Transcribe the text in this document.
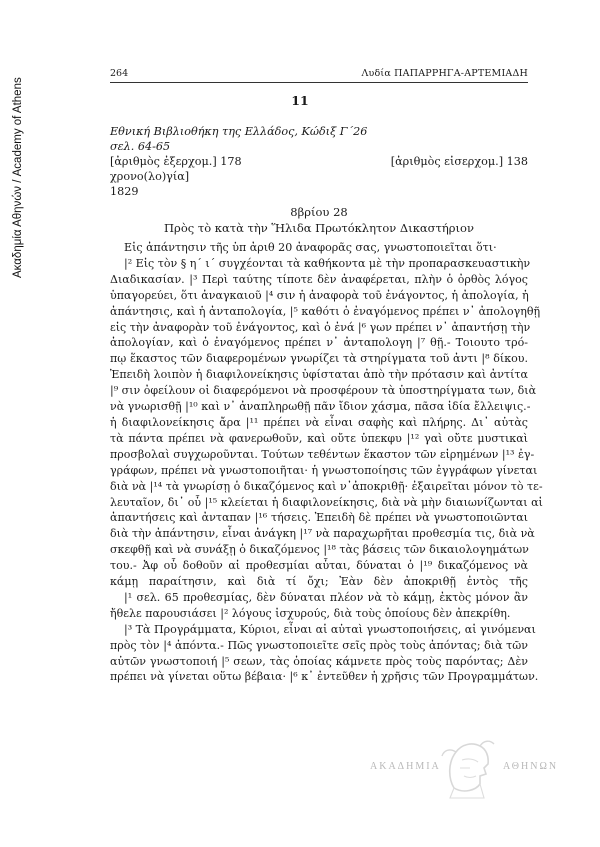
Ακαδημία Αθηνών / Academy of Athens
264	Λυδία ΠΑΠΑΡΡΗΓΑ-ΑΡΤΕΜΙΑΔΗ
11
Εθνική Βιβλιοθήκη της Ελλάδος, Κώδιξ Γ΄26
σελ. 64-65
[ἀριθμὸς ἐξερχομ.] 178	[ἀριθμὸς εἰσερχομ.] 138
χρονο(λο)γία]
1829
8βρίου 28
Πρὸς τὸ κατὰ τὴν Ἥλιδα Πρωτόκλητον Δικαστήριον
Εἰς ἀπάντησιν τῆς ὑπ ἀριθ 20 ἀναφορᾶς σας, γνωστοποιεῖται ὅτι·
|² Εἰς τὸν § η΄ ι΄ συγχέονται τὰ καθήκοντα μὲ τὴν προπαρασκευαστικὴν
Διαδικασίαν. |³ Περὶ ταύτης τίποτε δὲν ἀναφέρεται, πλὴν ὁ ὀρθὸς λόγος
ὑπαγορεύει, ὅτι ἀναγκαιοῦ |⁴ σιν ἡ ἀναφορὰ τοῦ ἐνάγοντος, ἡ ἀπολογία, ἡ
ἀπάντησις, καὶ ἡ ἀνταπολογία, |⁵ καθότι ὁ ἐναγόμενος πρέπει ν᾽ ἀπολογηθῇ
εἰς τὴν ἀναφορὰν τοῦ ἐνάγοντος, καὶ ὁ ἐνά |⁶ γων πρέπει ν᾽ ἀπαντήσῃ τὴν
ἀπολογίαν, καὶ ὁ ἐναγόμενος πρέπει ν᾽ ἀνταπολογη |⁷ θῇ.- Τοιουτο τρό-
πῳ ἕκαστος τῶν διαφερομένων γνωρίζει τὰ στηρίγματα τοῦ ἀντι |⁸ δίκου.
Ἐπειδὴ λοιπὸν ἡ διαφιλονείκησις ὑφίσταται ἀπὸ τὴν πρότασιν καὶ ἀντίτα
|⁹ σιν ὀφείλουν οἱ διαφερόμενοι νὰ προσφέρουν τὰ ὑποστηρίγματα των, διὰ
νὰ γνωρισθῇ |¹⁰ καὶ ν᾽ ἀναπληρωθῇ πᾶν ἴδιον χάσμα, πᾶσα ἰδία ἔλλειψις.-
ἡ διαφιλονείκησις ἄρα |¹¹ πρέπει νὰ εἶναι σαφὴς καὶ πλήρης. Δι᾽ αὐτὰς
τὰ πάντα πρέπει νὰ φανερωθοῦν, καὶ οὔτε ὑπεκφυ |¹² γαὶ οὔτε μυστικαὶ
προσβολαὶ συγχωροῦνται. Τούτων τεθέντων ἕκαστον τῶν εἰρημένων |¹³ ἐγ-
γράφων, πρέπει νὰ γνωστοποιῆται· ἡ γνωστοποίησις τῶν ἐγγράφων γίνεται
διὰ νὰ |¹⁴ τὰ γνωρίσῃ ὁ δικαζόμενος καὶ ν᾽ἀποκριθῇ· ἐξαιρεῖται μόνον τὸ τε-
λευταῖον, δι᾽ οὗ |¹⁵ κλείεται ἡ διαφιλονείκησις, διὰ νὰ μὴν διαιωνίζωνται αἱ
ἀπαντήσεις καὶ ἀνταπαν |¹⁶ τήσεις. Ἐπειδὴ δὲ πρέπει νὰ γνωστοποιῶνται
διὰ τὴν ἀπάντησιν, εἶναι ἀνάγκη |¹⁷ νὰ παραχωρῆται προθεσμία τις, διὰ νὰ
σκεφθῇ καὶ νὰ συνάξῃ ὁ δικαζόμενος |¹⁸ τὰς βάσεις τῶν δικαιολογημάτων
του.- Ἀφ οὗ δοθοῦν αἱ προθεσμίαι αὗται, δύναται ὁ |¹⁹ δικαζόμενος νὰ
κάμῃ παραίτησιν, καὶ διὰ τί ὄχι; Ἐὰν δὲν ἀποκριθῇ ἐντὸς τῆς
|¹ σελ. 65 προθεσμίας, δὲν δύναται πλέον νὰ τὸ κάμῃ, ἐκτὸς μόνον ἂν
ἤθελε παρουσιάσει |² λόγους ἰσχυρούς, διὰ τοὺς ὁποίους δὲν ἀπεκρίθη.
|³ Τὰ Προγράμματα, Κύριοι, εἶναι αἱ αὐταὶ γνωστοποιήσεις, αἱ γινόμεναι
πρὸς τὸν |⁴ ἀπόντα.- Πῶς γνωστοποιεῖτε σεῖς πρὸς τοὺς ἀπόντας; διὰ τῶν
αὐτῶν γνωστοποιή |⁵ σεων, τὰς ὁποίας κάμνετε πρὸς τοὺς παρόντας; Δὲν
πρέπει νὰ γίνεται οὕτω βέβαια· |⁶ κ᾽ ἐντεῦθεν ἡ χρῆσις τῶν Προγραμμάτων.
ΑΚΑΔΗΜΙΑ	ΑΘΗΝΩΝ
